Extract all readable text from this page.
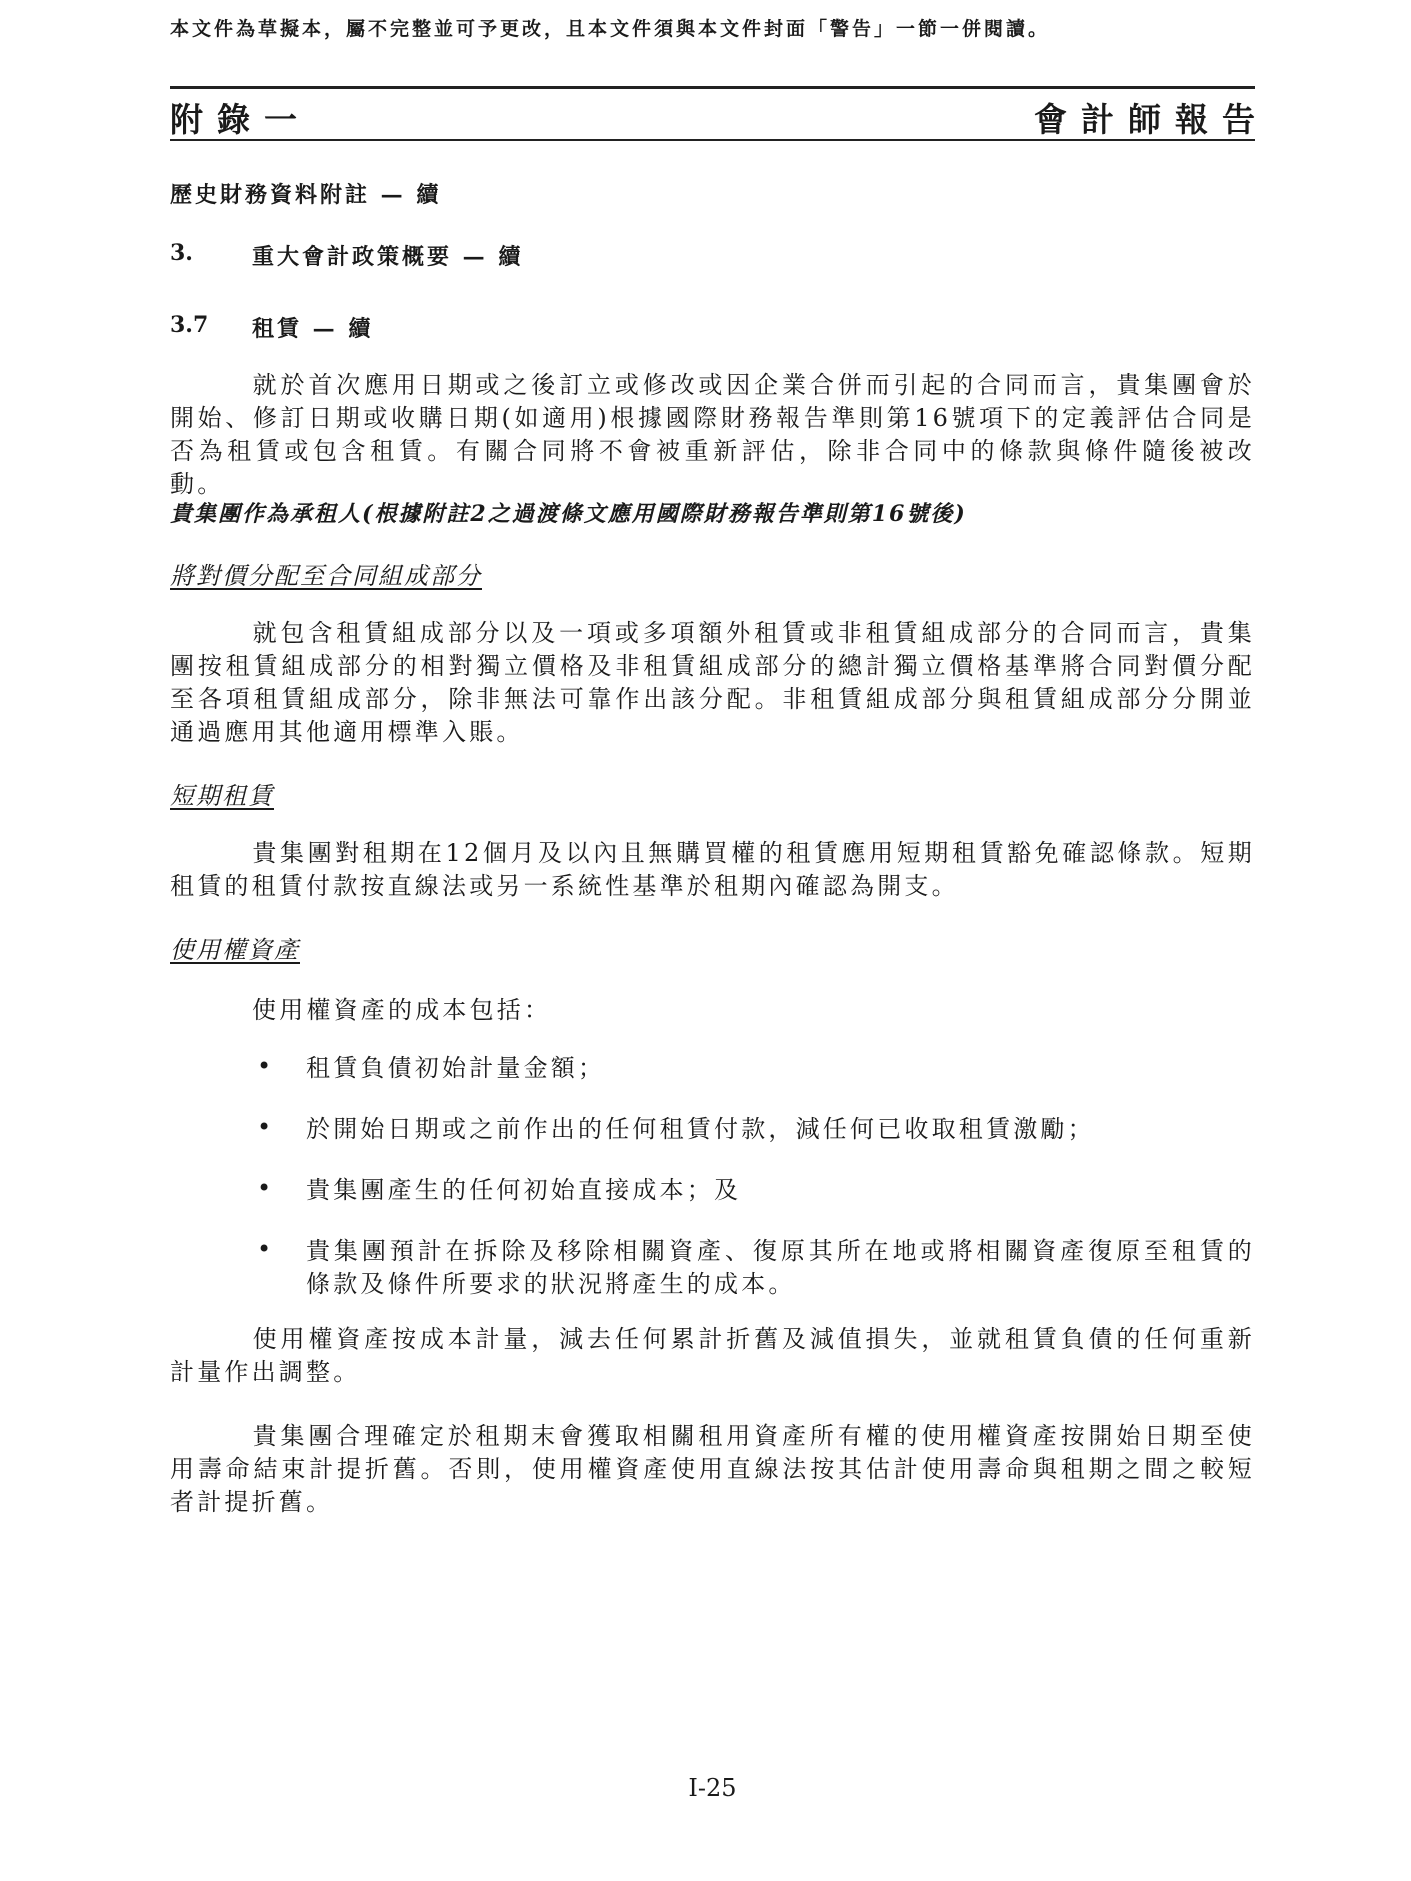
本文件為草擬本，屬不完整並可予更改，且本文件須與本文件封面「警告」一節一併閱讀。
附錄一	會計師報告
歷史財務資料附註 — 續
3.	重大會計政策概要 — 續
3.7 租賃 — 續
就於首次應用日期或之後訂立或修改或因企業合併而引起的合同而言，貴集團會於開始、修訂日期或收購日期(如適用)根據國際財務報告準則第16號項下的定義評估合同是否為租賃或包含租賃。有關合同將不會被重新評估，除非合同中的條款與條件隨後被改動。
貴集團作為承租人(根據附註2之過渡條文應用國際財務報告準則第16號後)
將對價分配至合同組成部分
就包含租賃組成部分以及一項或多項額外租賃或非租賃組成部分的合同而言，貴集團按租賃組成部分的相對獨立價格及非租賃組成部分的總計獨立價格基準將合同對價分配至各項租賃組成部分，除非無法可靠作出該分配。非租賃組成部分與租賃組成部分分開並通過應用其他適用標準入賬。
短期租賃
貴集團對租期在12個月及以內且無購買權的租賃應用短期租賃豁免確認條款。短期租賃的租賃付款按直線法或另一系統性基準於租期內確認為開支。
使用權資產
使用權資產的成本包括：
• 租賃負債初始計量金額；
• 於開始日期或之前作出的任何租賃付款，減任何已收取租賃激勵；
• 貴集團產生的任何初始直接成本；及
• 貴集團預計在拆除及移除相關資產、復原其所在地或將相關資產復原至租賃的條款及條件所要求的狀況將產生的成本。
使用權資產按成本計量，減去任何累計折舊及減值損失，並就租賃負債的任何重新計量作出調整。
貴集團合理確定於租期末會獲取相關租用資產所有權的使用權資產按開始日期至使用壽命結束計提折舊。否則，使用權資產使用直線法按其估計使用壽命與租期之間之較短者計提折舊。
I-25
